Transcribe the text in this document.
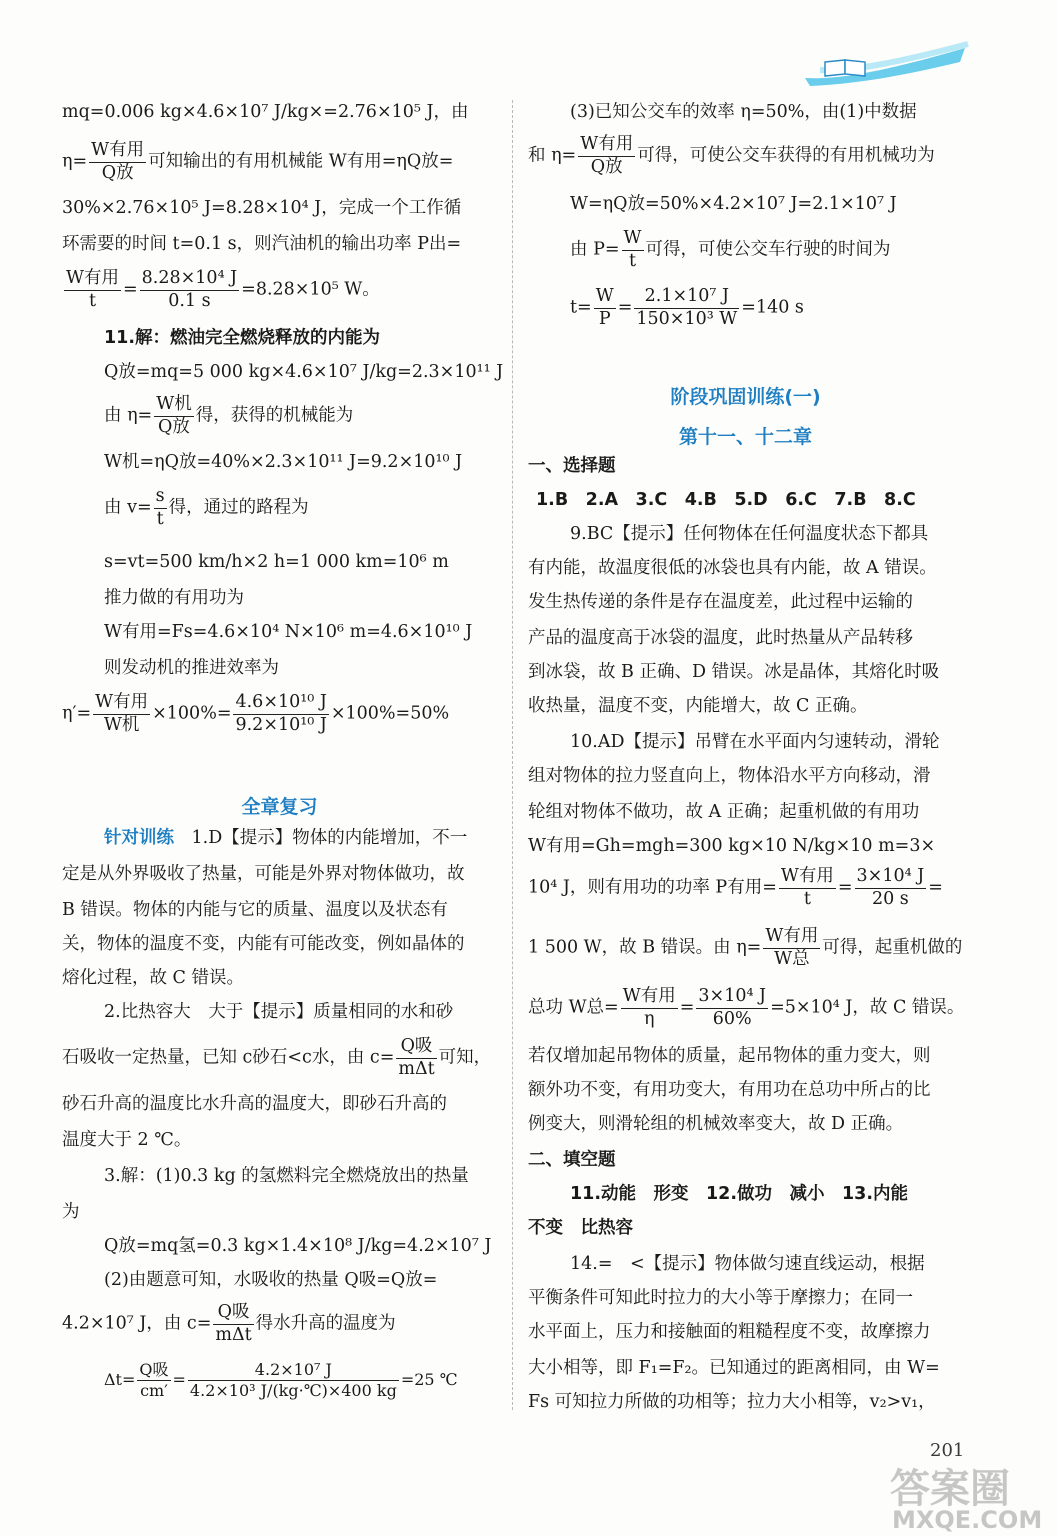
mq=0.006 kg×4.6×10⁷ J/kg×=2.76×10⁵ J，由
$\eta= \frac{\text{W有用}}{\text{Q放}}$ 可知输出的有用机械能 W有用=ηQ放=
30%×2.76×10⁵ J=8.28×10⁴ J，完成一个工作循
环需要的时间 t=0.1 s，则汽油机的输出功率 P出=
$\frac{\text{W有用}}{t} = \frac{\text{8.28×10⁴ J}}{0.1 s} =8.28\times 10^5$ W。
11.解：燃油完全燃烧释放的内能为
Q放=mq=5 000 kg×4.6×10⁷ J/kg=2.3×10¹¹ J
由 $\eta= \frac{\text{W机}}{\text{Q放}}$ 得，获得的机械能为
W机=ηQ放=40%×2.3×10¹¹ J=9.2×10¹⁰ J
由 $v= \frac{s}{t}$ 得，通过的路程为
s=vt=500 km/h×2 h=1 000 km=10⁶ m
推力做的有用功为
W有用=Fs=4.6×10⁴ N×10⁶ m=4.6×10¹⁰ J
则发动机的推进效率为
$\eta'= \frac{\text{W有用}}{\text{W机}} \times 100\%= \frac{\text{4.6×10¹⁰ J}}{\text{9.2×10¹⁰ J}} \times 100\%=50\%$
全章复习
针对训练　 1.D【提示】物体的内能增加，不一
定是从外界吸收了热量，可能是外界对物体做功，故
B 错误。物体的内能与它的质量、温度以及状态有
关，物体的温度不变，内能有可能改变，例如晶体的
熔化过程，故 C 错误。
2.比热容大　大于【提示】质量相同的水和砂
石吸收一定热量，已知 c砂石<c水，由 $c= \frac{\text{Q吸}}{\text{mΔt}}$ 可知，
砂石升高的温度比水升高的温度大，即砂石升高的
温度大于 2 ℃。
3.解：(1)0.3 kg 的氢燃料完全燃烧放出的热量
为
Q放=mq氢=0.3 kg×1.4×10⁸ J/kg=4.2×10⁷ J
(2)由题意可知，水吸收的热量 Q吸=Q放=
4.2×10⁷ J，由 $c= \frac{\text{Q吸}}{\text{mΔt}}$ 得水升高的温度为
$\Delta t= \frac{\text{Q吸}}{cm'} = \frac{\text{4.2×10⁷ J}}{\text{4.2×10³ J/(kg·℃)×400 kg}} =25$ ℃
(3)已知公交车的效率 η=50%，由(1)中数据
和 $\eta= \frac{\text{W有用}}{\text{Q放}}$ 可得，可使公交车获得的有用机械功为
W=ηQ放=50%×4.2×10⁷ J=2.1×10⁷ J
由 $P= \frac{W}{t}$ 可得，可使公交车行驶的时间为
$t= \frac{W}{P} = \frac{\text{2.1×10⁷ J}}{\text{150×10³ W}} =140$ s
阶段巩固训练(一)
第十一、十二章
一、选择题
1.B　2.A　3.C　4.B　5.D　6.C　7.B　8.C
9.BC【提示】任何物体在任何温度状态下都具
有内能，故温度很低的冰袋也具有内能，故 A 错误。
发生热传递的条件是存在温度差，此过程中运输的
产品的温度高于冰袋的温度，此时热量从产品转移
到冰袋，故 B 正确、D 错误。冰是晶体，其熔化时吸
收热量，温度不变，内能增大，故 C 正确。
10.AD【提示】吊臂在水平面内匀速转动，滑轮
组对物体的拉力竖直向上，物体沿水平方向移动，滑
轮组对物体不做功，故 A 正确；起重机做的有用功
W有用=Gh=mgh=300 kg×10 N/kg×10 m=3×
10⁴ J，则有用功的功率 P有用= $\frac{\text{W有用}}{t} = \frac{\text{3×10⁴ J}}{20 s}$ =
1 500 W，故 B 错误。由 $\eta= \frac{\text{W有用}}{\text{W总}}$ 可得，起重机做的
总功 W总= $\frac{\text{W有用}}{\eta} = \frac{\text{3×10⁴ J}}{60\%} =5\times 10^4$ J，故 C 错误。
若仅增加起吊物体的质量，起吊物体的重力变大，则
额外功不变，有用功变大，有用功在总功中所占的比
例变大，则滑轮组的机械效率变大，故 D 正确。
二、填空题
11.动能　形变　12.做功　减小　13.内能
不变　比热容
14.=　<【提示】物体做匀速直线运动，根据
平衡条件可知此时拉力的大小等于摩擦力；在同一
水平面上，压力和接触面的粗糙程度不变，故摩擦力
大小相等，即 F₁=F₂。已知通过的距离相同，由 W=
Fs 可知拉力所做的功相等；拉力大小相等，v₂>v₁，
201
答案圈
MXQE.COM
